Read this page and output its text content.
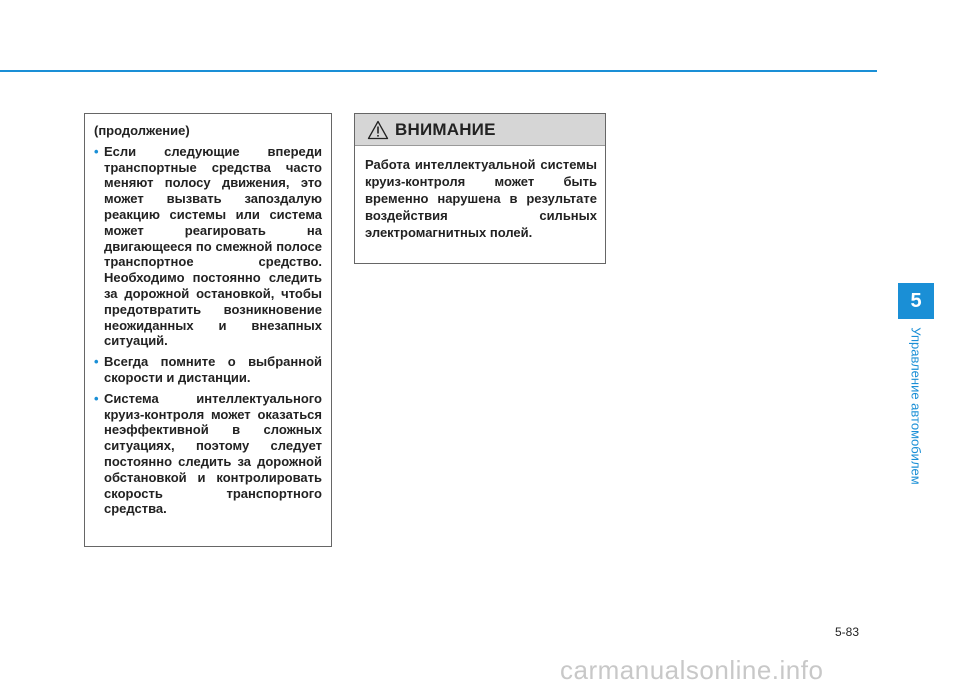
(продолжение)

• Если следующие впереди транспортные средства часто меняют полосу движения, это может вызвать запоздалую реакцию системы или система может реагировать на двигающееся по смежной полосе транспортное средство. Необходимо постоянно следить за дорожной остановкой, чтобы предотвратить возникновение неожиданных и внезапных ситуаций.
• Всегда помните о выбранной скорости и дистанции.
• Система интеллектуального круиз-контроля может оказаться неэффективной в сложных ситуациях, поэтому следует постоянно следить за дорожной обстановкой и контролировать скорость транспортного средства.
ВНИМАНИЕ
Работа интеллектуальной системы круиз-контроля может быть временно нарушена в результате воздействия сильных электромагнитных полей.
5
Управление автомобилем
5-83
carmanualsonline.info
